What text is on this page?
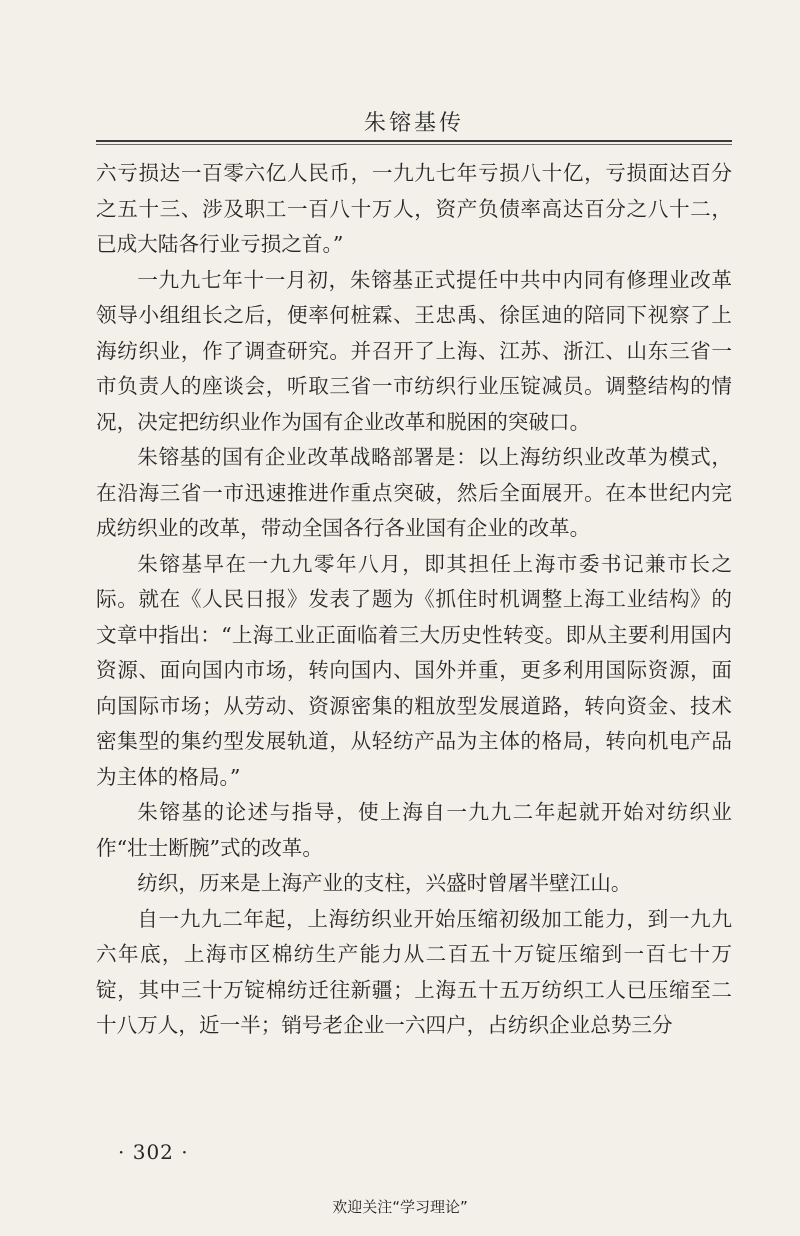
朱镕基传

六亏损达一百零六亿人民币，一九九七年亏损八十亿，亏损面达百分之五十三、涉及职工一百八十万人，资产负债率高达百分之八十二，已成大陆各行业亏损之首。”

一九九七年十一月初，朱镕基正式提任中共中内同有修理业改革领导小组组长之后，便率何桩霖、王忠禹、徐匡迪的陪同下视察了上海纺织业，作了调查研究。并召开了上海、江苏、浙江、山东三省一市负责人的座谈会，听取三省一市纺织行业压锭减员。调整结构的情况，决定把纺织业作为国有企业改革和脱困的突破口。

朱镕基的国有企业改革战略部署是：以上海纺织业改革为模式，在沿海三省一市迅速推进作重点突破，然后全面展开。在本世纪内完成纺织业的改革，带动全国各行各业国有企业的改革。

朱镕基早在一九九零年八月，即其担任上海市委书记兼市长之际。就在《人民日报》发表了题为《抓住时机调整上海工业结构》的文章中指出：“上海工业正面临着三大历史性转变。即从主要利用国内资源、面向国内市场，转向国内、国外并重，更多利用国际资源，面向国际市场；从劳动、资源密集的粗放型发展道路，转向资金、技术密集型的集约型发展轨道，从轻纺产品为主体的格局，转向机电产品为主体的格局。”

朱镕基的论述与指导，使上海自一九九二年起就开始对纺织业作“壮士断腕”式的改革。

纺织，历来是上海产业的支柱，兴盛时曾屠半壁江山。

自一九九二年起，上海纺织业开始压缩初级加工能力，到一九九六年底，上海市区棉纺生产能力从二百五十万锭压缩到一百七十万锭，其中三十万锭棉纺迁往新疆；上海五十五万纺织工人已压缩至二十八万人，近一半；销号老企业一六四户，占纺织企业总势三分

· 302 ·
欢迎关注“学习理论”
